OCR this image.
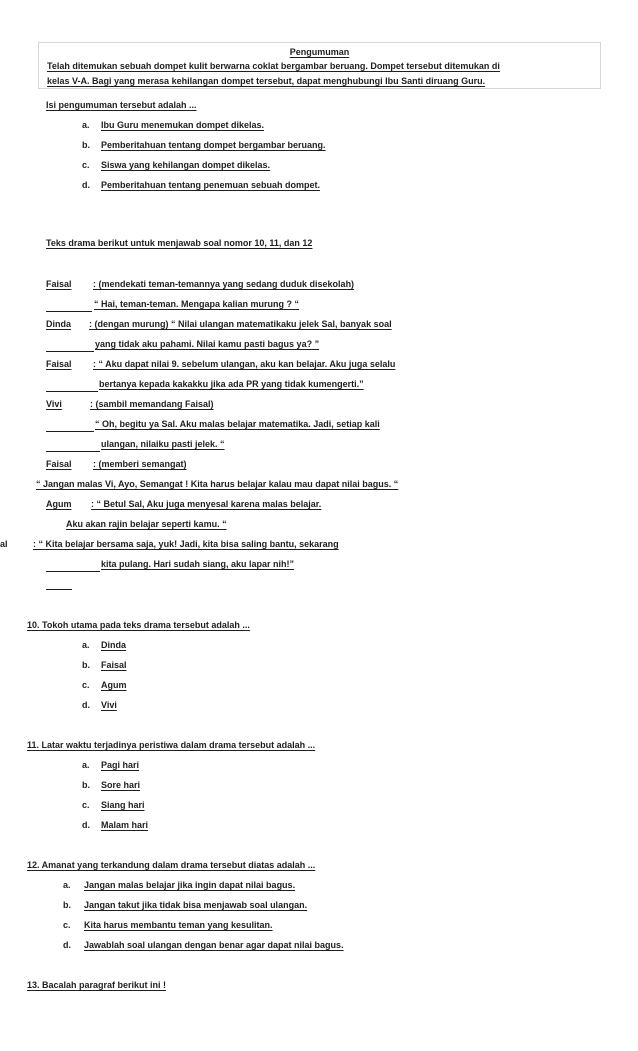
Pengumuman
Telah ditemukan sebuah dompet kulit berwarna coklat bergambar beruang. Dompet tersebut ditemukan di
kelas V-A. Bagi yang merasa kehilangan dompet tersebut, dapat menghubungi Ibu Santi diruang Guru.
Isi pengumuman tersebut adalah ...
a. Ibu Guru menemukan dompet dikelas.
b. Pemberitahuan tentang dompet bergambar beruang.
c. Siswa yang kehilangan dompet dikelas.
d. Pemberitahuan tentang penemuan sebuah dompet.
Teks drama berikut untuk menjawab soal nomor 10, 11, dan 12
Faisal : (mendekati teman-temannya yang sedang duduk disekolah)
“ Hai, teman-teman. Mengapa kalian murung ? “
Dinda : (dengan murung) “ Nilai ulangan matematikaku jelek Sal, banyak soal
yang tidak aku pahami. Nilai kamu pasti bagus ya? ”
Faisal : “ Aku dapat nilai 9. sebelum ulangan, aku kan belajar. Aku juga selalu
bertanya kepada kakakku jika ada PR yang tidak kumengerti.”
Vivi	: (sambil memandang Faisal)
“ Oh, begitu ya Sal. Aku malas belajar matematika. Jadi, setiap kali
ulangan, nilaiku pasti jelek. “
Faisal : (memberi semangat)
“ Jangan malas Vi, Ayo, Semangat ! Kita harus belajar kalau mau dapat nilai bagus. “
Agum : “ Betul Sal, Aku juga menyesal karena malas belajar.
Aku akan rajin belajar seperti kamu. “
al	: “ Kita belajar bersama saja, yuk! Jadi, kita bisa saling bantu, sekarang
kita pulang. Hari sudah siang, aku lapar nih!”
10. Tokoh utama pada teks drama tersebut adalah ...
a. Dinda
b. Faisal
c. Agum
d. Vivi
11. Latar waktu terjadinya peristiwa dalam drama tersebut adalah ...
a. Pagi hari
b. Sore hari
c. Siang hari
d. Malam hari
12. Amanat yang terkandung dalam drama tersebut diatas adalah ...
a. Jangan malas belajar jika ingin dapat nilai bagus.
b. Jangan takut jika tidak bisa menjawab soal ulangan.
c. Kita harus membantu teman yang kesulitan.
d. Jawablah soal ulangan dengan benar agar dapat nilai bagus.
13. Bacalah paragraf berikut ini !
